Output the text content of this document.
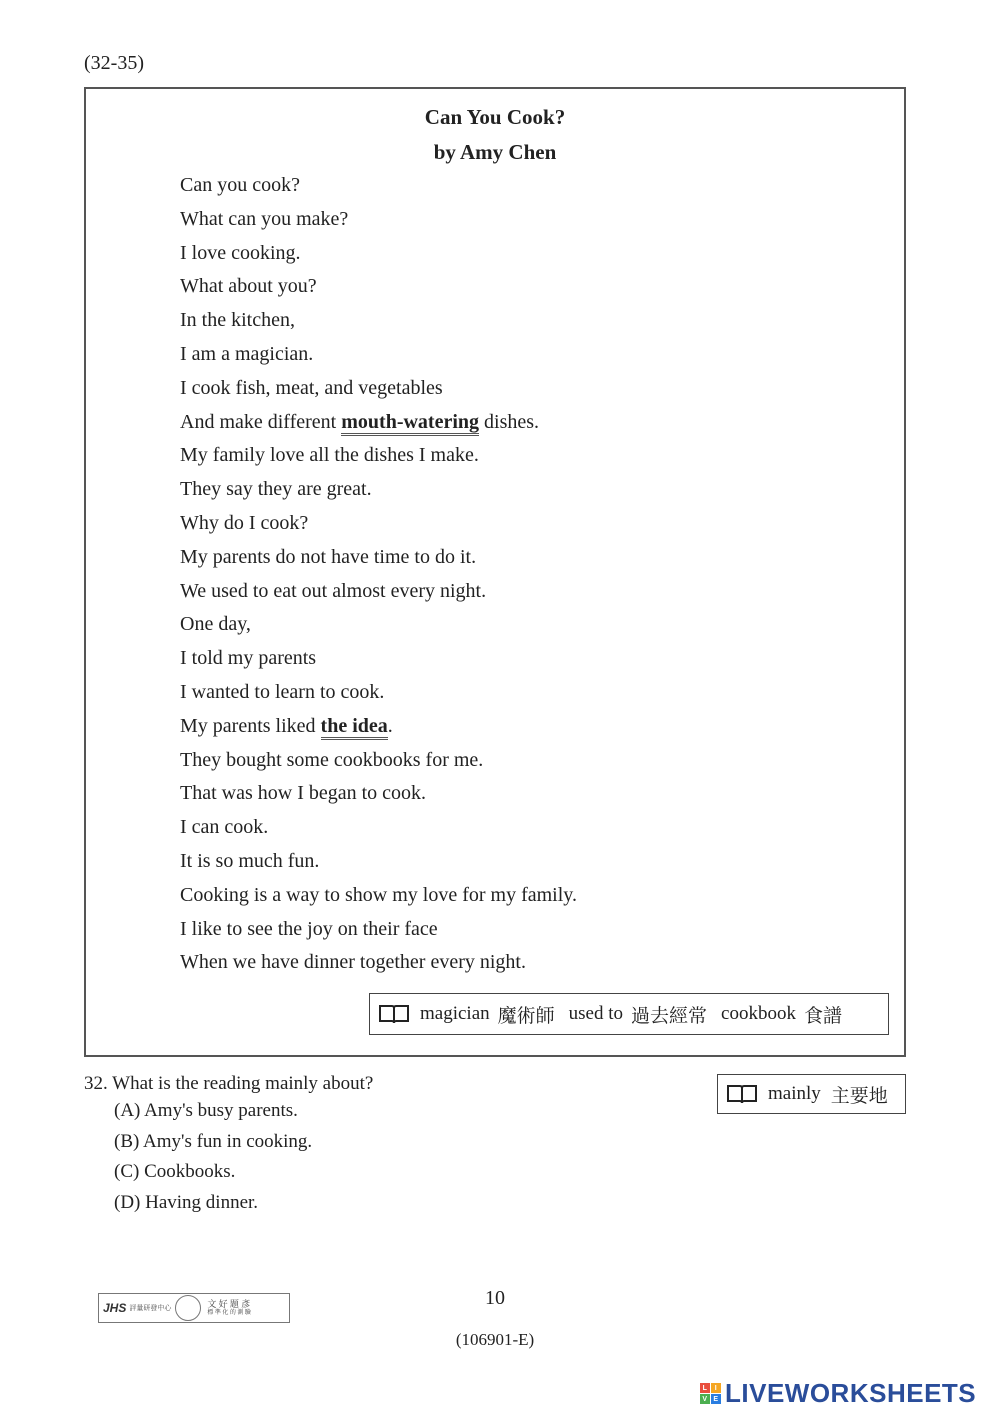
(32-35)
Can You Cook?
by Amy Chen
Can you cook?
What can you make?
I love cooking.
What about you?
In the kitchen,
I am a magician.
I cook fish, meat, and vegetables
And make different mouth-watering dishes.
My family love all the dishes I make.
They say they are great.
Why do I cook?
My parents do not have time to do it.
We used to eat out almost every night.
One day,
I told my parents
I wanted to learn to cook.
My parents liked the idea.
They bought some cookbooks for me.
That was how I began to cook.
I can cook.
It is so much fun.
Cooking is a way to show my love for my family.
I like to see the joy on their face
When we have dinner together every night.
magician 魔術師 used to 過去經常 cookbook 食譜
32. What is the reading mainly about?
(A) Amy's busy parents.
(B) Amy's fun in cooking.
(C) Cookbooks.
(D) Having dinner.
mainly 主要地
JHS 評量研發中心	文 好 題 彥
標 準 化 的 測 驗
10
(106901-E)
L	I
V E LIVEWORKSHEETS
